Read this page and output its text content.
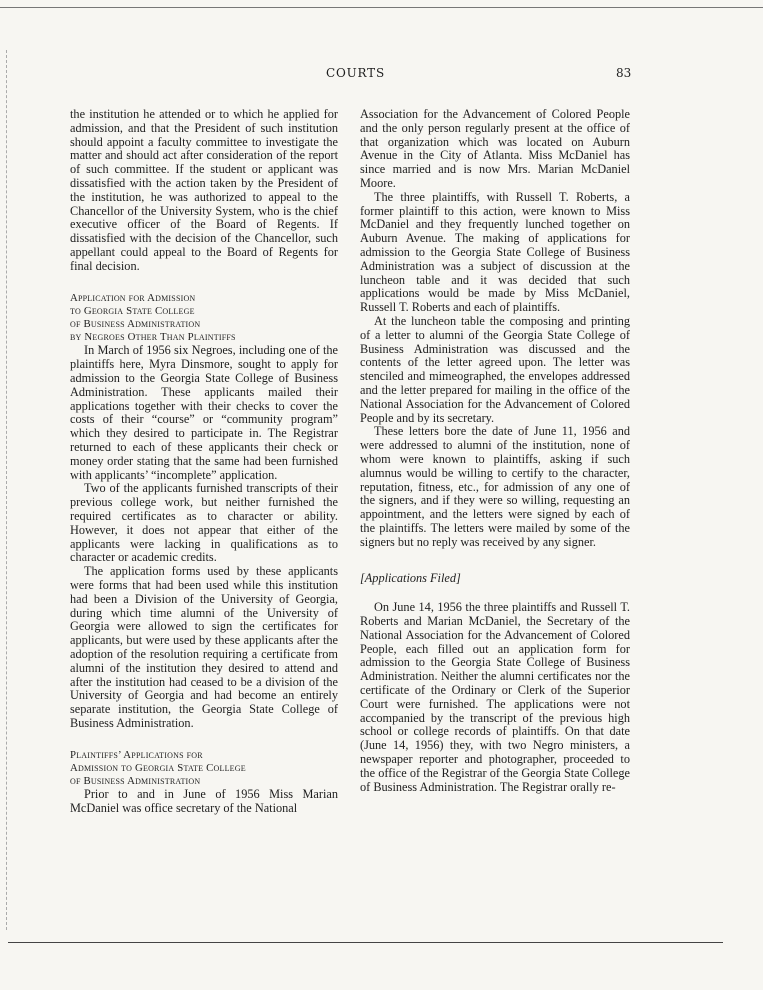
COURTS	83

the institution he attended or to which he applied for admission, and that the President of such institution should appoint a faculty committee to investigate the matter and should act after consideration of the report of such committee. If the student or applicant was dissatisfied with the action taken by the President of the institution, he was authorized to appeal to the Chancellor of the University System, who is the chief executive officer of the Board of Regents. If dissatisfied with the decision of the Chancellor, such appellant could appeal to the Board of Regents for final decision.

Application for Admission
to Georgia State College
of Business Administration
by Negroes Other Than Plaintiffs

In March of 1956 six Negroes, including one of the plaintiffs here, Myra Dinsmore, sought to apply for admission to the Georgia State College of Business Administration. These applicants mailed their applications together with their checks to cover the costs of their “course” or “community program” which they desired to participate in. The Registrar returned to each of these applicants their check or money order stating that the same had been furnished with applicants’ “incomplete” application.

Two of the applicants furnished transcripts of their previous college work, but neither furnished the required certificates as to character or ability. However, it does not appear that either of the applicants were lacking in qualifications as to character or academic credits.

The application forms used by these applicants were forms that had been used while this institution had been a Division of the University of Georgia, during which time alumni of the University of Georgia were allowed to sign the certificates for applicants, but were used by these applicants after the adoption of the resolution requiring a certificate from alumni of the institution they desired to attend and after the institution had ceased to be a division of the University of Georgia and had become an entirely separate institution, the Georgia State College of Business Administration.

Plaintiffs’ Applications for
Admission to Georgia State College
of Business Administration

Prior to and in June of 1956 Miss Marian McDaniel was office secretary of the National

Association for the Advancement of Colored People and the only person regularly present at the office of that organization which was located on Auburn Avenue in the City of Atlanta. Miss McDaniel has since married and is now Mrs. Marian McDaniel Moore.

The three plaintiffs, with Russell T. Roberts, a former plaintiff to this action, were known to Miss McDaniel and they frequently lunched together on Auburn Avenue. The making of applications for admission to the Georgia State College of Business Administration was a subject of discussion at the luncheon table and it was decided that such applications would be made by Miss McDaniel, Russell T. Roberts and each of plaintiffs.

At the luncheon table the composing and printing of a letter to alumni of the Georgia State College of Business Administration was discussed and the contents of the letter agreed upon. The letter was stenciled and mimeographed, the envelopes addressed and the letter prepared for mailing in the office of the National Association for the Advancement of Colored People and by its secretary.

These letters bore the date of June 11, 1956 and were addressed to alumni of the institution, none of whom were known to plaintiffs, asking if such alumnus would be willing to certify to the character, reputation, fitness, etc., for admission of any one of the signers, and if they were so willing, requesting an appointment, and the letters were signed by each of the plaintiffs. The letters were mailed by some of the signers but no reply was received by any signer.

[Applications Filed]

On June 14, 1956 the three plaintiffs and Russell T. Roberts and Marian McDaniel, the Secretary of the National Association for the Advancement of Colored People, each filled out an application form for admission to the Georgia State College of Business Administration. Neither the alumni certificates nor the certificate of the Ordinary or Clerk of the Superior Court were furnished. The applications were not accompanied by the transcript of the previous high school or college records of plaintiffs. On that date (June 14, 1956) they, with two Negro ministers, a newspaper reporter and photographer, proceeded to the office of the Registrar of the Georgia State College of Business Administration. The Registrar orally re-
